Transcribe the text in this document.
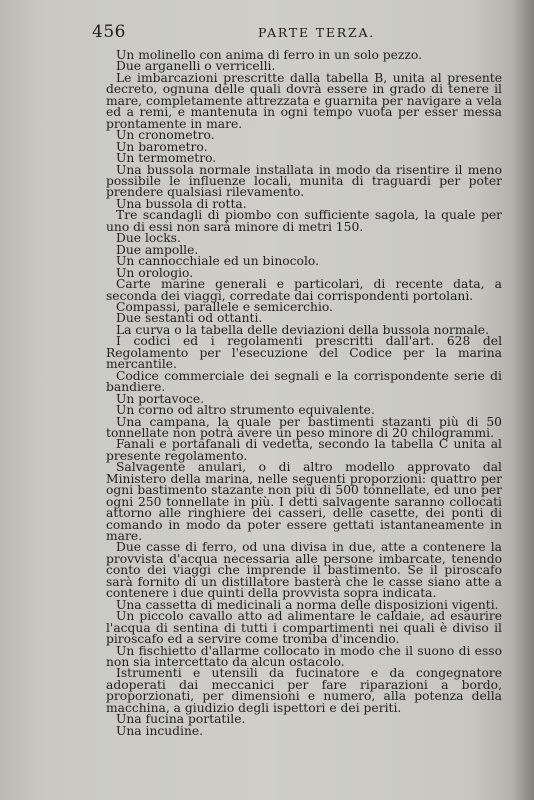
456	PARTE TERZA.

Un molinello con anima di ferro in un solo pezzo.

Due arganelli o verricelli.

Le imbarcazioni prescritte dalla tabella B, unita al presente decreto, ognuna delle quali dovrà essere in grado di tenere il mare, completamente attrezzata e guarnita per navigare a vela ed a remi, e mantenuta in ogni tempo vuota per esser messa prontamente in mare.

Un cronometro.

Un barometro.

Un termometro.

Una bussola normale installata in modo da risentire il meno possibile le influenze locali, munita di traguardi per poter prendere qualsiasi rilevamento.

Una bussola di rotta.

Tre scandagli di piombo con sufficiente sagola, la quale per uno di essi non sarà minore di metri 150.

Due locks.

Due ampolle.

Un cannocchiale ed un binocolo.

Un orologio.

Carte marine generali e particolari, di recente data, a seconda dei viaggi, corredate dai corrispondenti portolani.

Compassi, parallele e semicerchio.

Due sestanti od ottanti.

La curva o la tabella delle deviazioni della bussola normale.

I codici ed i regolamenti prescritti dall'art. 628 del Regolamento per l'esecuzione del Codice per la marina mercantile.

Codice commerciale dei segnali e la corrispondente serie di bandiere.

Un portavoce.

Un corno od altro strumento equivalente.

Una campana, la quale per bastimenti stazanti più di 50 tonnellate non potrà avere un peso minore di 20 chilogrammi.

Fanali e portafanali di vedetta, secondo la tabella C unita al presente regolamento.

Salvagente anulari, o di altro modello approvato dal Ministero della marina, nelle seguenti proporzioni: quattro per ogni bastimento stazante non più di 500 tonnellate, ed uno per ogni 250 tonnellate in più. I detti salvagente saranno collocati attorno alle ringhiere dei casseri, delle casette, dei ponti di comando in modo da poter essere gettati istantaneamente in mare.

Due casse di ferro, od una divisa in due, atte a contenere la provvista d'acqua necessaria alle persone imbarcate, tenendo conto dei viaggi che imprende il bastimento. Se il piroscafo sarà fornito di un distillatore basterà che le casse siano atte a contenere i due quinti della provvista sopra indicata.

Una cassetta di medicinali a norma delle disposizioni vigenti.

Un piccolo cavallo atto ad alimentare le caldaie, ad esaurire l'acqua di sentina di tutti i compartimenti nei quali è diviso il piroscafo ed a servire come tromba d'incendio.

Un fischietto d'allarme collocato in modo che il suono di esso non sia intercettato da alcun ostacolo.

Istrumenti e utensili da fucinatore e da congegnatore adoperati dai meccanici per fare riparazioni a bordo, proporzionati, per dimensioni e numero, alla potenza della macchina, a giudizio degli ispettori e dei periti.

Una fucina portatile.

Una incudine.
